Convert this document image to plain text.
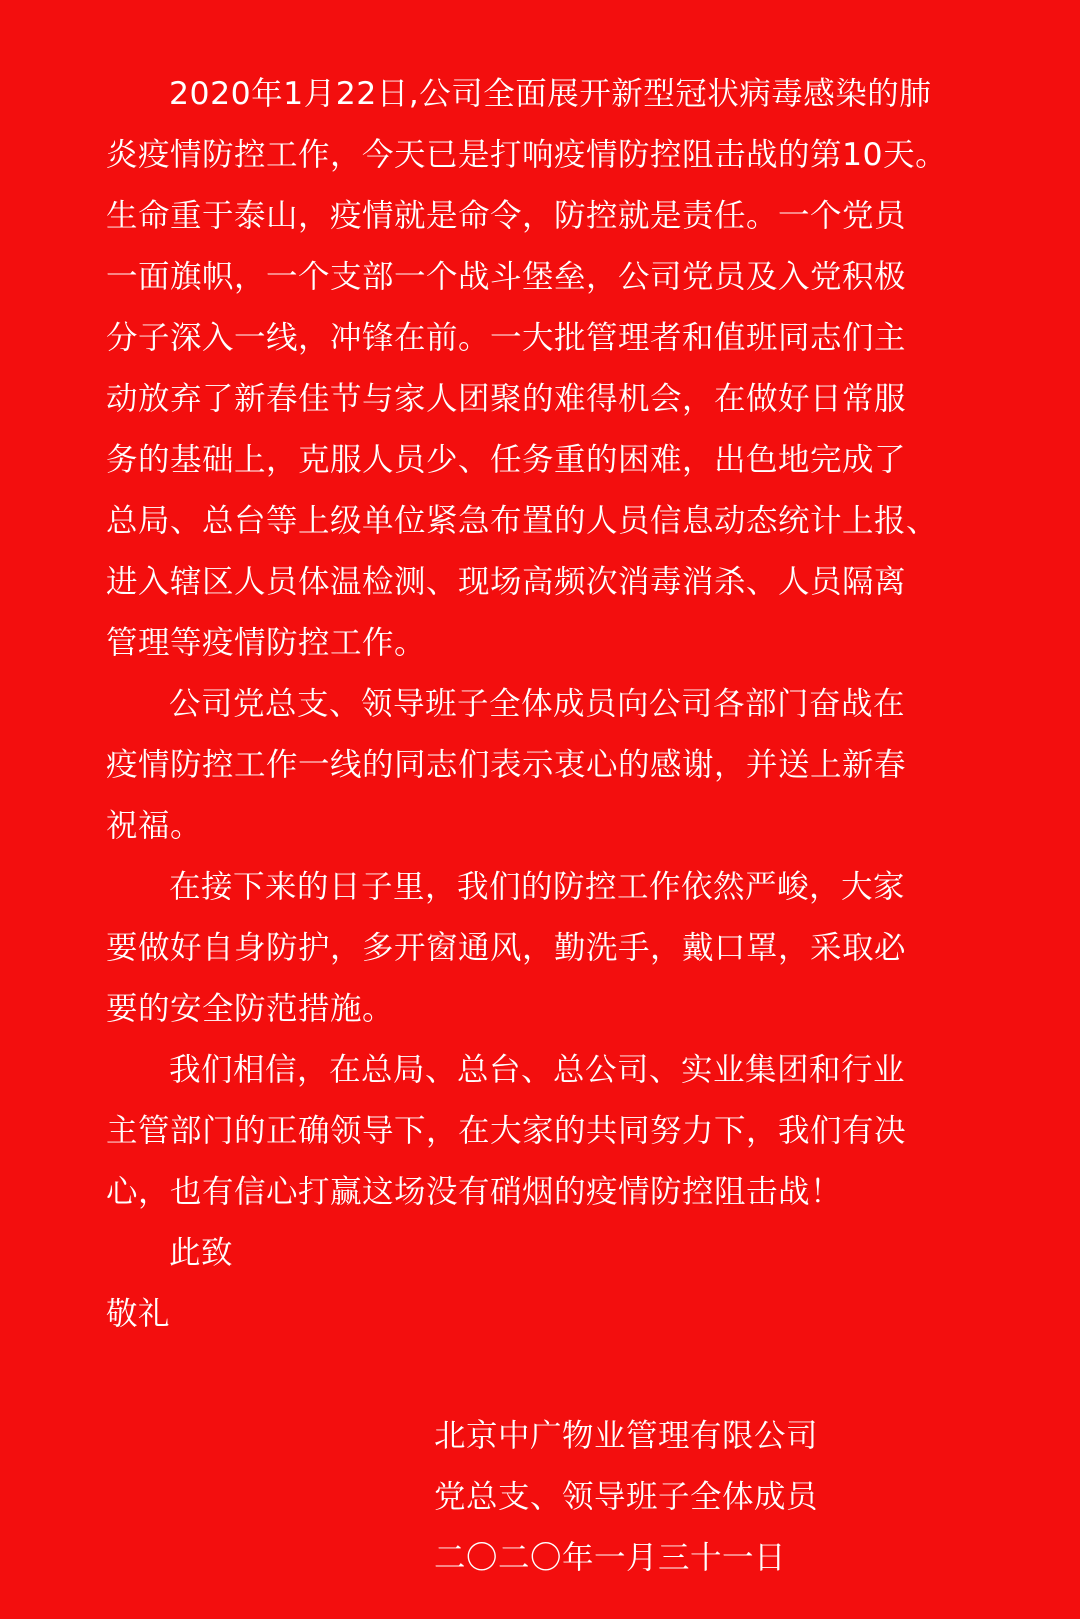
2020年1月22日,公司全面展开新型冠状病毒感染的肺
炎疫情防控工作，今天已是打响疫情防控阻击战的第10天。
生命重于泰山，疫情就是命令，防控就是责任。一个党员
一面旗帜，一个支部一个战斗堡垒，公司党员及入党积极
分子深入一线，冲锋在前。一大批管理者和值班同志们主
动放弃了新春佳节与家人团聚的难得机会，在做好日常服
务的基础上，克服人员少、任务重的困难，出色地完成了
总局、总台等上级单位紧急布置的人员信息动态统计上报、
进入辖区人员体温检测、现场高频次消毒消杀、人员隔离
管理等疫情防控工作。
公司党总支、领导班子全体成员向公司各部门奋战在
疫情防控工作一线的同志们表示衷心的感谢，并送上新春
祝福。
在接下来的日子里，我们的防控工作依然严峻，大家
要做好自身防护，多开窗通风，勤洗手，戴口罩，采取必
要的安全防范措施。
我们相信，在总局、总台、总公司、实业集团和行业
主管部门的正确领导下，在大家的共同努力下，我们有决
心，也有信心打赢这场没有硝烟的疫情防控阻击战！
此致
敬礼
北京中广物业管理有限公司
党总支、领导班子全体成员
二〇二〇年一月三十一日
